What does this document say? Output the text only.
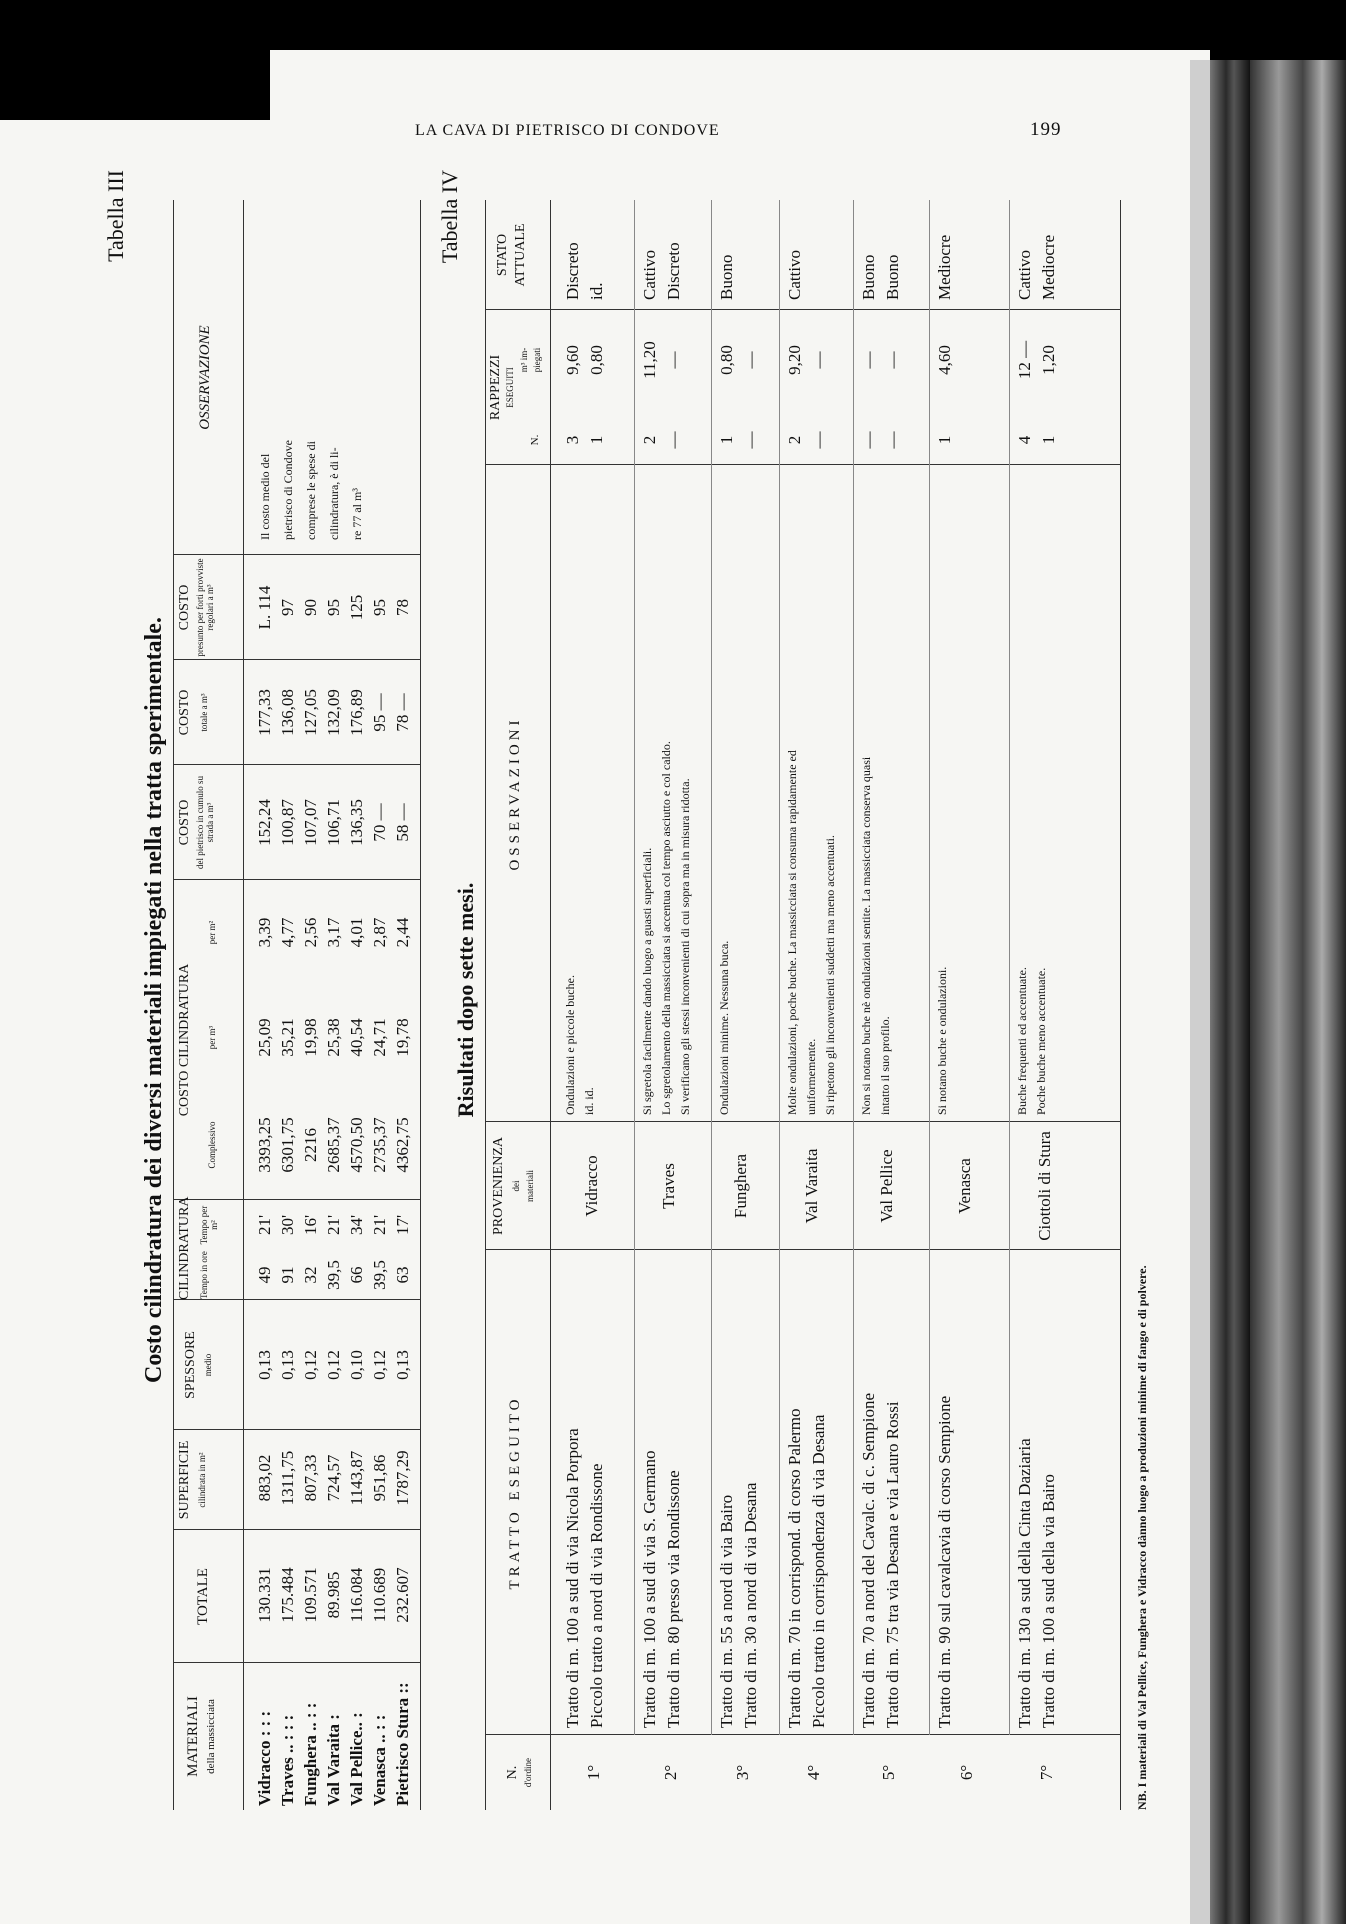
LA CAVA DI PIETRISCO DI CONDOVE	199
Tabella III
Costo cilindratura dei diversi materiali impiegati nella tratta sperimentale.
MATERIALI della massicciata
TOTALE
SUPERFICIE cilindrata in m²
SPESSORE medio
CILINDRATURA Tempo in ore
Tempo per m²
COSTO CILINDRATURA
Complessivo
per m³
per m²
COSTO del pietrisco in cumulo su strada a m³
COSTO totale a m³
COSTO presunto per forti provviste regolari a m³
OSSERVAZIONE
Vidracco : : :
130.331
883,02
0,13
49
21'
3393,25
25,09
3,39
152,24
177,33
L. 114
Traves .. : : :
175.484
1311,75
0,13
91
30'
6301,75
35,21
4,77
100,87
136,08
97
Funghera .. : :
109.571
807,33
0,12
32
16'
2216
19,98
2,56
107,07
127,05
90
Val Varaita :
89.985
724,57
0,12
39,5
21'
2685,37
25,38
3,17
106,71
132,09
95
Val Pellice.. :
116.084
1143,87
0,10
66
34'
4570,50
40,54
4,01
136,35
176,89
125
Venasca .. : :
110.689
951,86
0,12
39,5
21'
2735,37
24,71
2,87
70 —
95 —
95
Pietrisco Stura ::
232.607
1787,29
0,13
63
17'
4362,75
19,78
2,44
58 —
78 —
78
Il costo medio del pietrisco di Condove comprese le spese di cilindratura, è di li- re 77 al m³
Tabella IV
Risultati dopo sette mesi.
N. d'ordine
TRATTO ESEGUITO
PROVENIENZA dei materiali
OSSERVAZIONI
RAPPEZZI ESEGUITI
N.
m³ im- piegati
STATO ATTUALE
1°
Tratto di m. 100 a sud di via Nicola Porpora Piccolo tratto a nord di via Rondissone
Vidracco
Ondulazioni e piccole buche. id. id.
3 1
9,60 0,80
Discreto id.
2°
Tratto di m. 100 a sud di via S. Germano Tratto di m. 80 presso via Rondissone
Traves
Si sgretola facilmente dando luogo a guasti superficiali. Lo sgretolamento della massicciata si accentua col tempo asciutto e col caldo. Si verificano gli stessi inconvenienti di cui sopra ma in misura ridotta.
2 —
11,20 —
Cattivo Discreto
3°
Tratto di m. 55 a nord di via Bairo Tratto di m. 30 a nord di via Desana
Funghera
Ondulazioni minime. Nessuna buca.
1 —
0,80 —
Buono
4°
Tratto di m. 70 in corrispond. di corso Palermo Piccolo tratto in corrispondenza di via Desana
Val Varaita
Molte ondulazioni, poche buche. La massicciata si consuma rapidamente ed uniformemente. Si ripetono gli inconvenienti suddetti ma meno accentuati.
2 —
9,20 —
Cattivo
5°
Tratto di m. 70 a nord del Cavalc. di c. Sempione Tratto di m. 75 tra via Desana e via Lauro Rossi
Val Pellice
Non si notano buche nè ondulazioni sentite. La massicciata conserva quasi intatto il suo profilo.
— —
— —
Buono Buono
6°
Tratto di m. 90 sul cavalcavia di corso Sempione
Venasca
Si notano buche e ondulazioni.
1
4,60
Mediocre
7°
Tratto di m. 130 a sud della Cinta Daziaria Tratto di m. 100 a sud della via Bairo
Ciottoli di Stura
Buche frequenti ed accentuate. Poche buche meno accentuate.
4 1
12 — 1,20
Cattivo Mediocre
NB. I materiali di Val Pellice, Funghera e Vidracco dànno luogo a produzioni minime di fango e di polvere.
